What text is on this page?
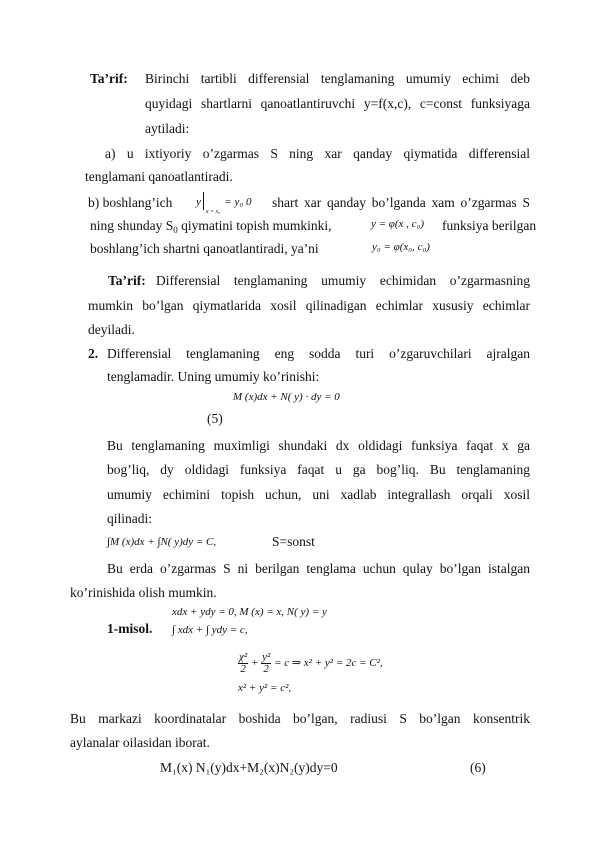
Ta’rif: Birinchi tartibli differensial tenglamaning umumiy echimi deb
quyidagi shartlarni qanoatlantiruvchi y=f(x,c), c=const funksiyaga
aytiladi:
a) u ixtiyoriy o’zgarmas S ning xar qanday qiymatida differensial
tenglamani qanoatlantiradi.
b) boshlang’ich $y_{x = x_0}= y_0$ 0 shart xar qanday bo’lganda xam o’zgarmas S
ning shunday $S_0$ qiymatini topish mumkinki,	y = φ(x , c₀) funksiya berilgan
boshlang’ich shartni qanoatlantiradi, ya’ni	y₀ = φ(x₀, c₀)
Ta’rif: Differensial tenglamaning umumiy echimidan o’zgarmasning
mumkin bo’lgan qiymatlarida xosil qilinadigan echimlar xususiy echimlar
deyiladi.
2. Differensial tenglamaning eng sodda turi o’zgaruvchilari ajralgan
tenglamadir. Uning umumiy ko’rinishi:
M (x)dx + N( y) · dy = 0
(5)
Bu tenglamaning muximligi shundaki dx oldidagi funksiya faqat x ga
bog’liq, dy oldidagi funksiya faqat u ga bog’liq. Bu tenglamaning
umumiy echimini topish uchun, uni xadlab integrallash orqali xosil
qilinadi:
∫M (x)dx + ∫N( y)dy = C,	S=sonst
Bu erda o’zgarmas S ni berilgan tenglama uchun qulay bo’lgan istalgan
ko’rinishida olish mumkin.
xdx + ydy = 0, M (x) = x, N( y) = y
1-misol. ∫ xdx + ∫ ydy = c,
$\frac{\text{χ²}}{2} + \frac{\text{y²}}{2} = c$ ⇒ x² + y² = 2c = C²,
x² + y² = c²,
Bu markazi koordinatalar boshida bo’lgan, radiusi S bo’lgan konsentrik
aylanalar oilasidan iborat.
M₁(x) N₁(y)dx+M₂(x)N₂(y)dy=0	(6)
